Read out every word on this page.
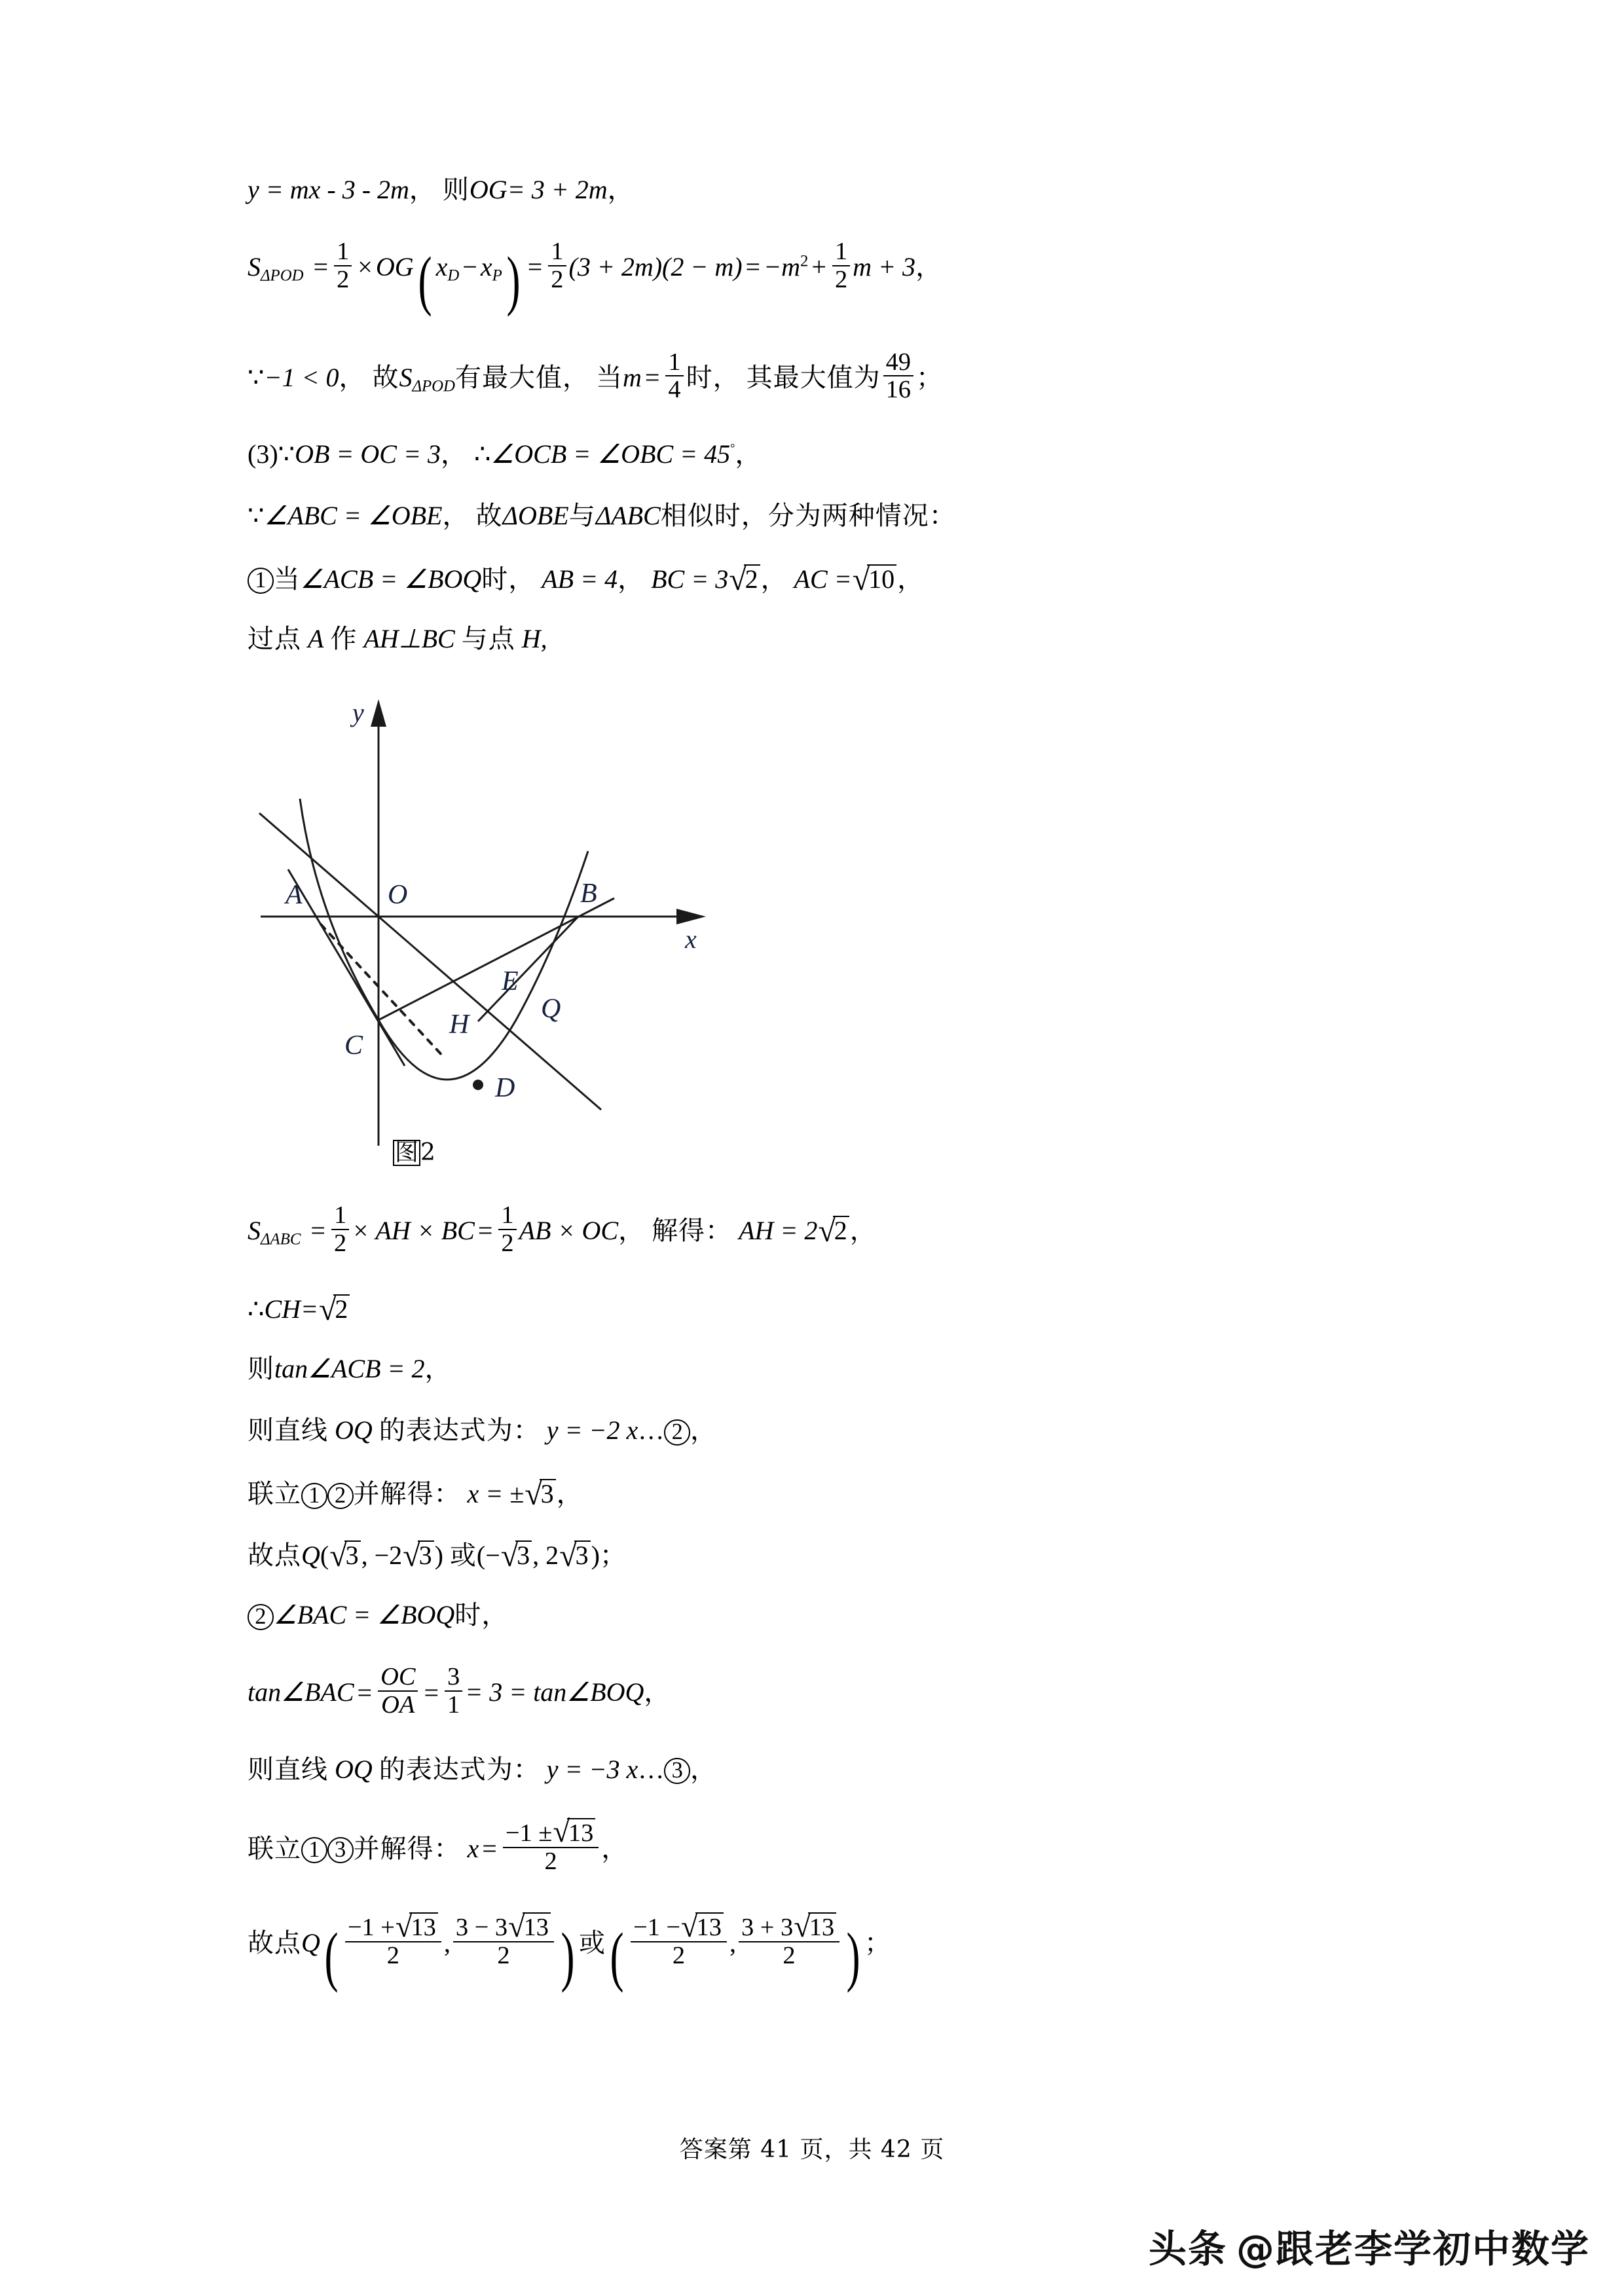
y = mx - 3 - 2m， 则OG= 3 + 2m，
$S_{\Delta POD} = \frac{1}{2} \times OG$( $x_D - x_P) = \frac{1}{2} (3 + 2m)(2 - m) = -m^2 + \frac{1}{2}$ m + 3，
∵−1 < 0， 故$S_{\Delta POD}$有最大值， 当$m = \frac{1}{4}$ 时， 其最大值为 $\frac{49}{16}$ ；
(3)∵OB = OC = 3， ∴∠OCB = ∠OBC = 45°，
∵∠ABC = ∠OBE， 故ΔOBE与ΔABC相似时，分为两种情况：
1 当∠ACB = ∠BOQ时， AB = 4， BC = 3 √
2 ， AC = √
10 ，
过点 A 作 AH⊥BC 与点 H,
A	B
C
D
E
H
O
Q
y
x
图2
$S_{\Delta ABC} = \frac{1}{2}$ × AH × BC = $\frac{1}{2}$ AB × OC， 解得： AH = 2 √
2 ，
∴CH= √
2
则tan∠ACB = 2，
则直线 OQ 的表达式为： y = −2 x… 2 ，
联立 1 2 并解得： x = ± √
3 ，
故点Q( √
3 , −2 √
3 ) 或(− √
3 , 2 √
3 )；
2 ∠BAC = ∠BOQ时，
tan∠BAC = $\frac{OC}{OA} = \frac{3}{1} = 3$ = tan∠BOQ，
则直线 OQ 的表达式为： y = −3 x… 3 ，
联立 1 3 并解得： x = −1 ± √
13
2 ，
故点Q( −1 + √
13
2 , 3 − 3 √
13
2 ) 或( −1 − √
13
2 , 3 + 3 √
13
2 ) ；
答案第 41 页，共 42 页
头条 @跟老李学初中数学
